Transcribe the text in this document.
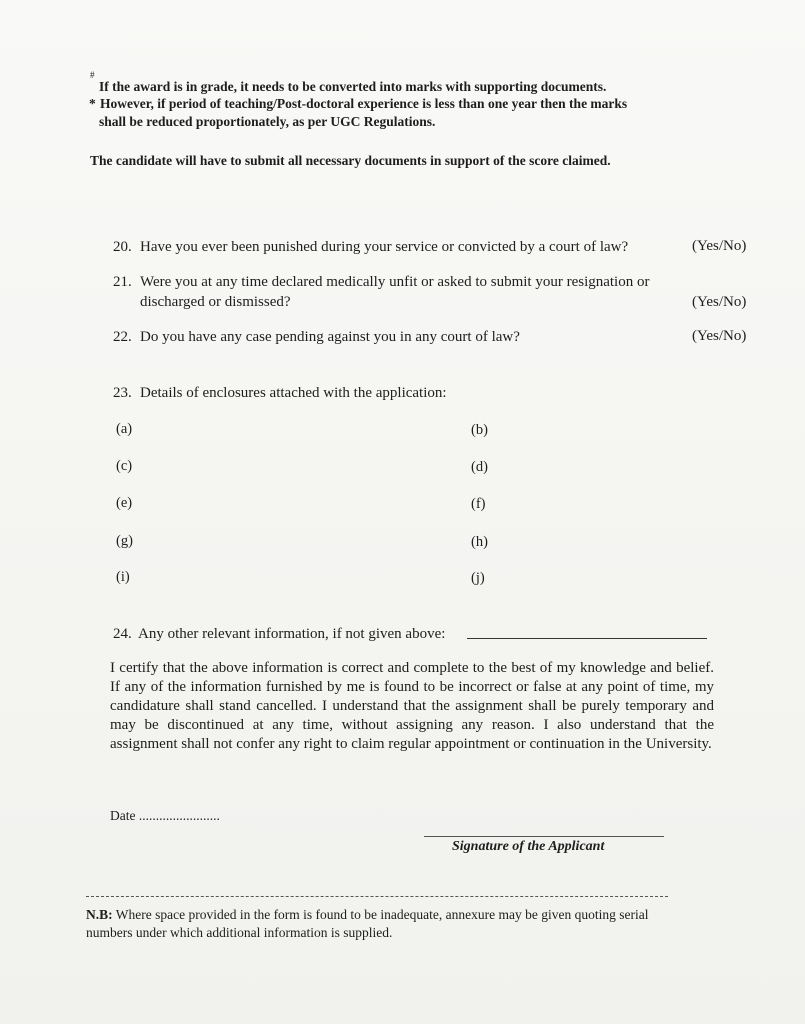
#
If the award is in grade, it needs to be converted into marks with supporting documents.
* However, if period of teaching/Post-doctoral experience is less than one year then the marks
shall be reduced proportionately, as per UGC Regulations.
The candidate will have to submit all necessary documents in support of the score claimed.
20. Have you ever been punished during your service or convicted by a court of law?	(Yes/No)
21. Were you at any time declared medically unfit or asked to submit your resignation or
discharged or dismissed?	(Yes/No)
22. Do you have any case pending against you in any court of law?	(Yes/No)
23. Details of enclosures attached with the application:
(a)	(b)
(c)	(d)
(e)	(f)
(g)	(h)
(i)	(j)
24. Any other relevant information, if not given above:
I certify that the above information is correct and complete to the best of my knowledge and belief. If any of the information furnished by me is found to be incorrect or false at any point of time, my candidature shall stand cancelled. I understand that the assignment shall be purely temporary and may be discontinued at any time, without assigning any reason. I also understand that the assignment shall not confer any right to claim regular appointment or continuation in the University.
Date ........................
Signature of the Applicant
N.B: Where space provided in the form is found to be inadequate, annexure may be given quoting serial
numbers under which additional information is supplied.
